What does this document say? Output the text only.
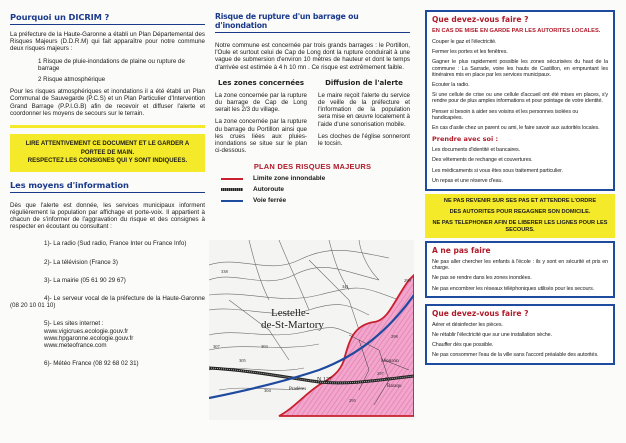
Pourquoi un DICRIM ?

La préfecture de la Haute-Garonne a établi un Plan Départemental des Risques Majeurs (D.D.R.M) qui fait apparaître pour notre commune deux risques majeurs :

1 Risque de pluie-inondations de plaine ou rupture de barrage

2 Risque atmosphérique

Pour les risques atmosphériques et inondations il a été établi un Plan Communal de Sauvegarde (P.C.S) et un Plan Particulier d'Intervention Grand Barrage (P.P.I.G.B) afin de recevoir et diffuser l'alerte et coordonner les moyens de secours sur le terrain.

LIRE ATTENTIVEMENT CE DOCUMENT ET LE GARDER A PORTEE DE MAIN.
RESPECTEZ LES CONSIGNES QUI Y SONT INDIQUEES.
Les moyens d'information

Dès que l'alerte est donnée, les services municipaux informent régulièrement la population par affichage et porte-voix. Il appartient à chacun de s'informer de l'aggravation du risque et des consignes à respecter en écoutant ou consultant :

1)- La radio (Sud radio, France Inter ou France Info)

2)- La télévision (France 3)

3)- La mairie (05 61 90 29 67)

4)- Le serveur vocal de la préfecture de la Haute-Garonne (08 20 10 01 10)

5)- Les sites internet :

www.vigicrues.ecologie.gouv.fr

www.hpgaronne.ecologie.gouv.fr

www.meteofrance.com

6)- Météo France (08 92 68 02 31)

Risque de rupture d'un barrage ou d'inondation

Notre commune est concernée par trois grands barrages : le Portillon, l'Oule et surtout celui de Cap de Long dont la rupture conduirait à une vague de submersion d'environ 10 mètres de hauteur et dont le temps d'arrivée est estimée à 4 h 10 mn . Ce risque est extrêmement faible.

Les zones concernées

La zone concernée par la rupture du barrage de Cap de Long serait les 2/3 du village.

La zone concernée par la rupture du barrage du Portillon ainsi que les crues liées aux pluies-inondations se situe sur le plan ci-dessous.

Diffusion de l'alerte

Le maire reçoit l'alerte du service de veille de la préfecture et l'information de la population sera mise en œuvre localement à l'aide d'une sonorisation mobile.

Les cloches de l'église sonneront le tocsin.

PLAN DES RISQUES MAJEURS
Limite zone innondable
Autoroute
Voie ferrée
Lestelle-
de-St-Martory
N 127
Mouron
Pradères
Baraqu
338
341
303
305
307
299
297
298
295
304
301
Que devez-vous faire ?
EN CAS DE MISE EN GARDE PAR LES AUTORITES LOCALES.
Couper le gaz et l'électricité.
Fermer les portes et les fenêtres.
Gagner le plus rapidement possible les zones sécurisées du haut de la commune : La Sarrade, voire les hauts de Castillon, en empruntant les itinéraires mis en place par les services municipaux.
Ecouter la radio.
Si une cellule de crise ou une cellule d'accueil ont été mises en places, s'y rendre pour de plus amples informations et pour pointage de votre identité.
Penser si besoin à aider ses voisins et les personnes isolées ou handicapées.
En cas d'asile chez un parent ou ami, le faire savoir aux autorités locales.
Prendre avec soi :
Les documents d'identité et bancaires.
Des vêtements de rechange et couvertures.
Les médicaments si vous êtes sous traitement particulier.
Un repas et une réserve d'eau.
NE PAS REVENIR SUR SES PAS ET ATTENDRE L'ORDRE
DES AUTORITES POUR REGAGNER SON DOMICILE.
NE PAS TELEPHONER AFIN DE LIBERER LES LIGNES POUR LES SECOURS.
A ne pas faire
Ne pas aller chercher les enfants à l'école : ils y sont en sécurité et pris en charge.
Ne pas se rendre dans les zones inondées.
Ne pas encombrer les réseaux téléphoniques utilisés pour les secours.
Que devez-vous faire ?
Aérer et désinfecter les pièces.
Ne rétablir l'électricité que sur une installation sèche.
Chauffer dès que possible.
Ne pas consommer l'eau de la ville sans l'accord préalable des autorités.
